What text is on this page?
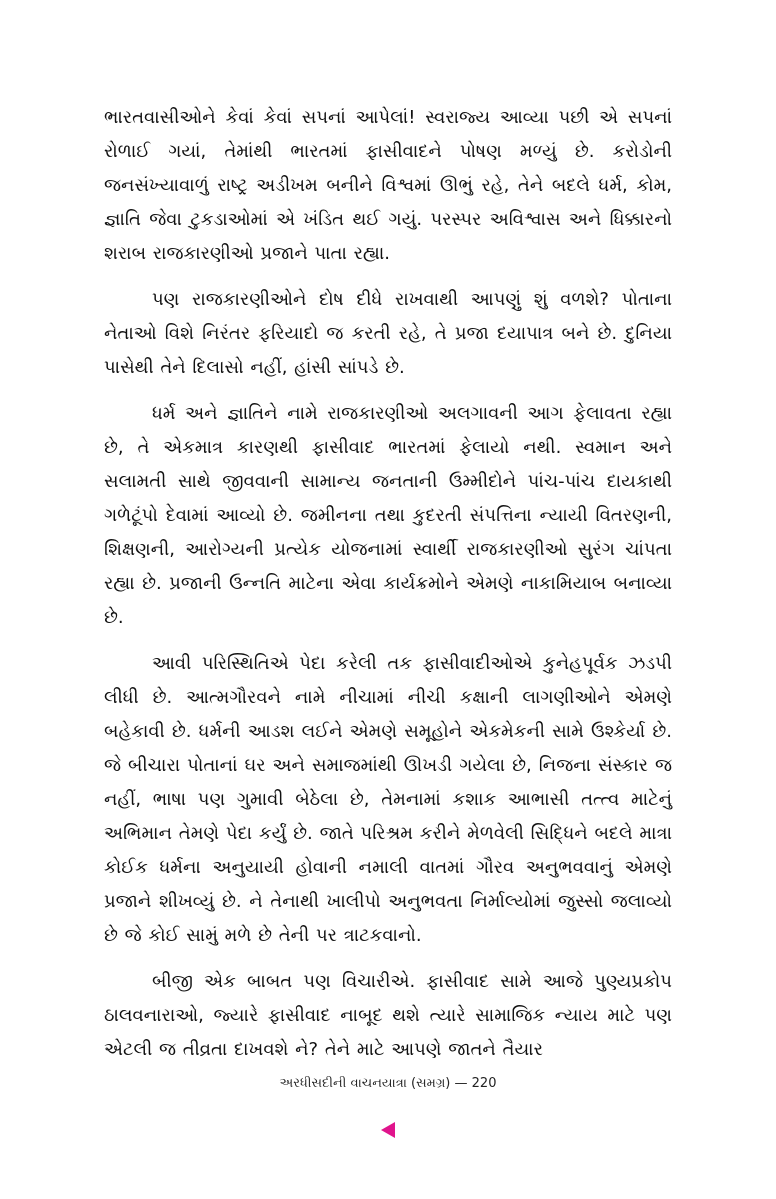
ભારતવાસીઓને કેવાં કેવાં સપનાં આપેલાં! સ્વરાજ્ય આવ્યા પછી એ સપનાં રોળાઈ ગયાં, તેમાંથી ભારતમાં ફાસીવાદને પોષણ મળ્યું છે. કરોડોની જનસંખ્યાવાળું રાષ્ટ્ર અડીખમ બનીને વિશ્વમાં ઊભું રહે, તેને બદલે ધર્મ, કોમ, જ્ઞાતિ જેવા ટુકડાઓમાં એ ખંડિત થઈ ગયું. પરસ્પર અવિશ્વાસ અને ધિક્કારનો શરાબ રાજકારણીઓ પ્રજાને પાતા રહ્યા.

પણ રાજકારણીઓને દોષ દીધે રાખવાથી આપણું શું વળશે? પોતાના નેતાઓ વિશે નિરંતર ફરિયાદો જ કરતી રહે, તે પ્રજા દયાપાત્ર બને છે. દુનિયા પાસેથી તેને દિલાસો નહીં, હાંસી સાંપડે છે.

ધર્મ અને જ્ઞાતિને નામે રાજકારણીઓ અલગાવની આગ ફેલાવતા રહ્યા છે, તે એકમાત્ર કારણથી ફાસીવાદ ભારતમાં ફેલાયો નથી. સ્વમાન અને સલામતી સાથે જીવવાની સામાન્ય જનતાની ઉમ્મીદોને પાંચ-પાંચ દાયકાથી ગળેટૂંપો દેવામાં આવ્યો છે. જમીનના તથા કુદરતી સંપત્તિના ન્યાયી વિતરણની, શિક્ષણની, આરોગ્યની પ્રત્યેક યોજનામાં સ્વાર્થી રાજકારણીઓ સુરંગ ચાંપતા રહ્યા છે. પ્રજાની ઉન્નતિ માટેના એવા કાર્યક્રમોને એમણે નાકામિયાબ બનાવ્યા છે.

આવી પરિસ્થિતિએ પેદા કરેલી તક ફાસીવાદીઓએ કુનેહપૂર્વક ઝડપી લીધી છે. આત્મગૌરવને નામે નીચામાં નીચી કક્ષાની લાગણીઓને એમણે બહેકાવી છે. ધર્મની આડશ લઈને એમણે સમૂહોને એકમેકની સામે ઉશ્કેર્યા છે. જે બીચારા પોતાનાં ઘર અને સમાજમાંથી ઊખડી ગયેલા છે, નિજના સંસ્કાર જ નહીં, ભાષા પણ ગુમાવી બેઠેલા છે, તેમનામાં કશાક આભાસી તત્ત્વ માટેનું અભિમાન તેમણે પેદા કર્યું છે. જાતે પરિશ્રમ કરીને મેળવેલી સિદ્ધિને બદલે માત્રા કોઈક ધર્મના અનુયાયી હોવાની નમાલી વાતમાં ગૌરવ અનુભવવાનું એમણે પ્રજાને શીખવ્યું છે. ને તેનાથી ખાલીપો અનુભવતા નિર્માલ્યોમાં જુસ્સો જલાવ્યો છે જે કોઈ સામું મળે છે તેની પર ત્રાટકવાનો.

બીજી એક બાબત પણ વિચારીએ. ફાસીવાદ સામે આજે પુણ્યપ્રકોપ ઠાલવનારાઓ, જ્યારે ફાસીવાદ નાબૂદ થશે ત્યારે સામાજિક ન્યાય માટે પણ એટલી જ તીવ્રતા દાખવશે ને? તેને માટે આપણે જાતને તૈયાર

અરધીસદીની વાચનયાત્રા (સમગ્ર) — 220
